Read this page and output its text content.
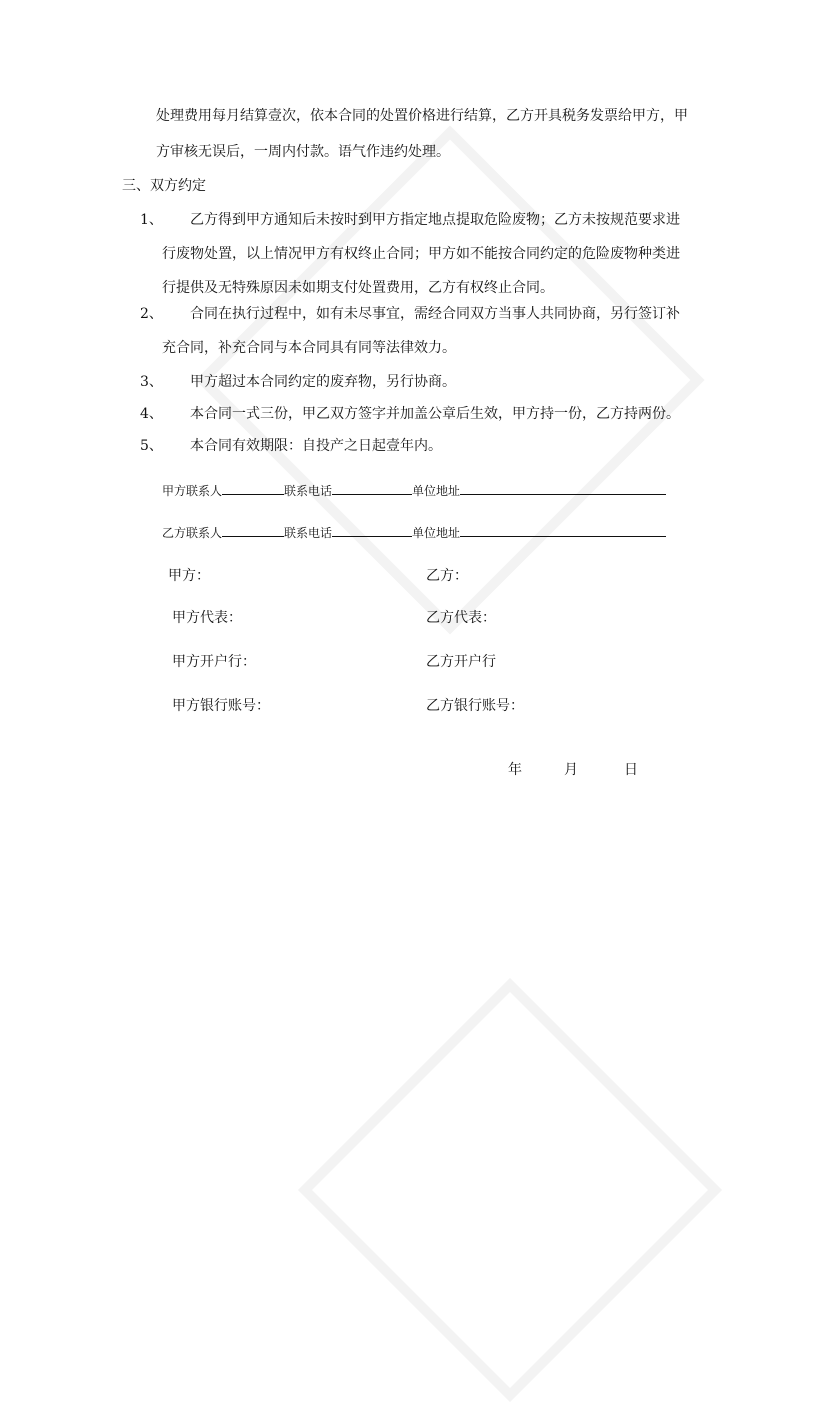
处理费用每月结算壹次，依本合同的处置价格进行结算，乙方开具税务发票给甲方，甲
方审核无误后，一周内付款。语气作违约处理。
三、双方约定
1、 乙方得到甲方通知后未按时到甲方指定地点提取危险废物；乙方未按规范要求进
行废物处置，以上情况甲方有权终止合同；甲方如不能按合同约定的危险废物种类进
行提供及无特殊原因未如期支付处置费用，乙方有权终止合同。
2、 合同在执行过程中，如有未尽事宜，需经合同双方当事人共同协商，另行签订补
充合同，补充合同与本合同具有同等法律效力。
3、 甲方超过本合同约定的废弃物，另行协商。
4、 本合同一式三份，甲乙双方签字并加盖公章后生效，甲方持一份，乙方持两份。
5、 本合同有效期限：自投产之日起壹年内。
甲方联系人	联系电话	单位地址
乙方联系人	联系电话	单位地址
甲方：	乙方：
甲方代表：	乙方代表：
甲方开户行：	乙方开户行
甲方银行账号：	乙方银行账号：
年	月	日
